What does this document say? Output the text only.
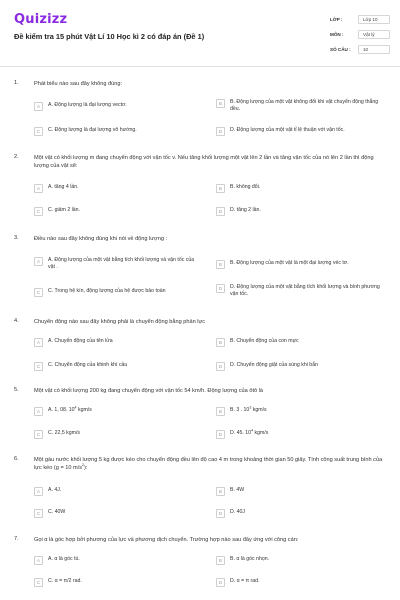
Quizizz
Đề kiểm tra 15 phút Vật Lí 10 Học kì 2 có đáp án (Đề 1)
LỚP :	Lớp 10
MÔN :	Vật lý
SỐ CÂU :	10
1.	Phát biểu nào sau đây không đúng:
A	A. Động lượng là đại lượng vectơ.	B	B. Động lượng của một vật không đổi khi vật chuyển động thẳng đều.
C	C. Động lượng là đại lượng vô hướng.	D	D. Động lượng của một vật tỉ lệ thuận với vận tốc.
2.	Một vật có khối lượng m đang chuyển động với vận tốc v. Nếu tăng khối lượng một vật lên 2 lần và tăng vận tốc của nó lên 2 lần thì động lượng của vật sẽ:
A	A. tăng 4 lần.	B	B. không đổi.
C	C. giảm 2 lần.	D	D. tăng 2 lần.
3.	Điều nào sau đây không đúng khi nói về động lượng :
A	A. Động lượng của một vật bằng tích khối lượng và vận tốc của vật .	B	B. Động lượng của một vật là một đại lượng véc tơ.
C	C. Trong hệ kín, động lượng của hệ được bảo toàn	D	D. Động lượng của một vật bằng tích khối lượng và bình phương vận tốc.
4.	Chuyển động nào sau đây không phải là chuyển động bằng phản lực
A	A. Chuyển động của tên lửa	B	B. Chuyển động của con mực
C	C. Chuyển động của khinh khí cầu	D	D. Chuyển động giật của súng khi bắn
5.	Một vật có khối lượng 200 kg đang chuyển động với vận tốc 54 km/h. Động lượng của ôtô là
A	A. 1, 08. $10^4$ kgm/s	B	B. 3 . $10^3$ kgm/s
C	C. 22,5 kgm/s	D	D. 45. $10^4$ kgm/s
6.	Một gàu nước khối lượng 5 kg được kéo cho chuyển động đều lên độ cao 4 m trong khoảng thời gian 50 giây. Tính công suất trung bình của lực kéo (g = 10 $m/s^2$):
A	A. 4J.	B	B. 4W
C	C. 40W	D	D. 40J
7.	Gọi α là góc hợp bởi phương của lực và phương dịch chuyển. Trường hợp nào sau đây ứng với công cản:
A	A. α là góc tù.	B	B. α là góc nhọn.
C	C. α = π/2 rad.	D	D. α = π rad.
